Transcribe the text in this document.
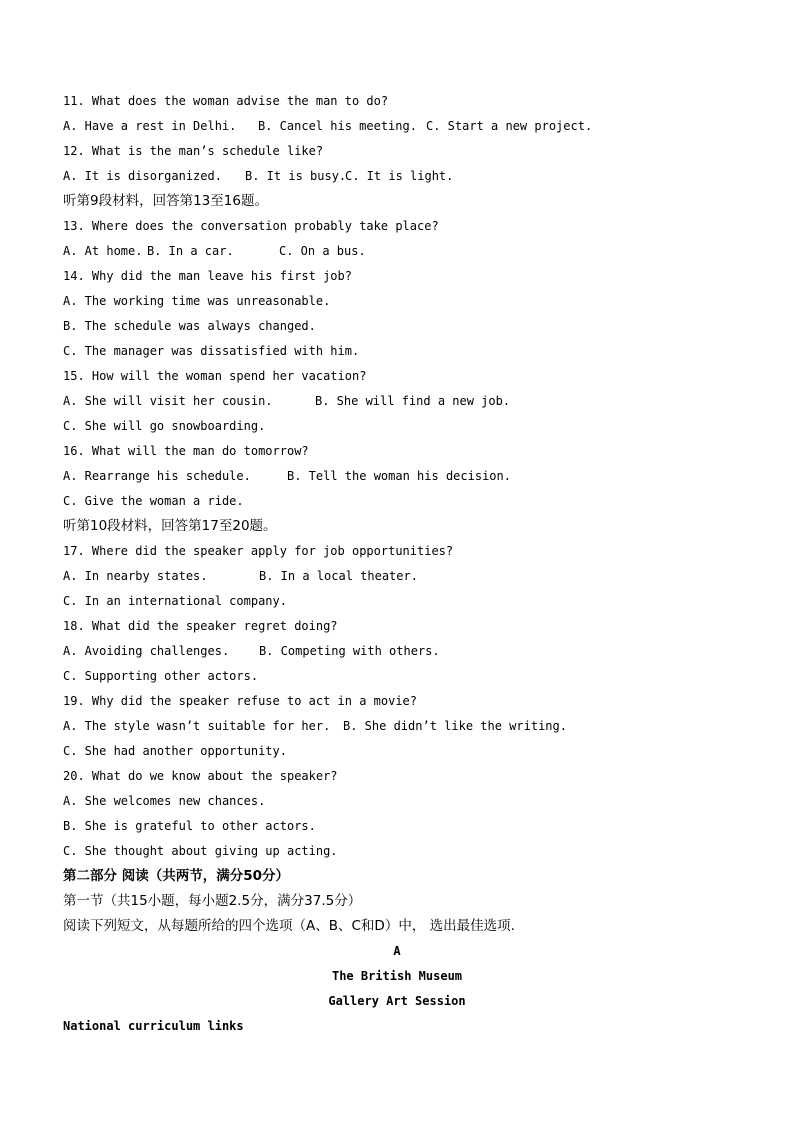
11. What does the woman advise the man to do?
A. Have a rest in Delhi. B. Cancel his meeting. C. Start a new project.
12. What is the man’s schedule like?
A. It is disorganized. B. It is busy.C. It is light.
听第9段材料，回答第13至16题。
13. Where does the conversation probably take place?
A. At home. B. In a car.	C. On a bus.
14. Why did the man leave his first job?
A. The working time was unreasonable.
B. The schedule was always changed.
C. The manager was dissatisfied with him.
15. How will the woman spend her vacation?
A. She will visit her cousin.	B. She will find a new job.
C. She will go snowboarding.
16. What will the man do tomorrow?
A. Rearrange his schedule.	B. Tell the woman his decision.
C. Give the woman a ride.
听第10段材料，回答第17至20题。
17. Where did the speaker apply for job opportunities?
A. In nearby states.	B. In a local theater.
C. In an international company.
18. What did the speaker regret doing?
A. Avoiding challenges. B. Competing with others.
C. Supporting other actors.
19. Why did the speaker refuse to act in a movie?
A. The style wasn’t suitable for her. B. She didn’t like the writing.
C. She had another opportunity.
20. What do we know about the speaker?
A. She welcomes new chances.
B. She is grateful to other actors.
C. She thought about giving up acting.
第二部分 阅读（共两节，满分50分）
第一节（共15小题，每小题2.5分，满分37.5分）
阅读下列短文，从每题所给的四个选项（A、B、C和D）中， 选出最佳选项.
A
The British Museum
Gallery Art Session
National curriculum links
